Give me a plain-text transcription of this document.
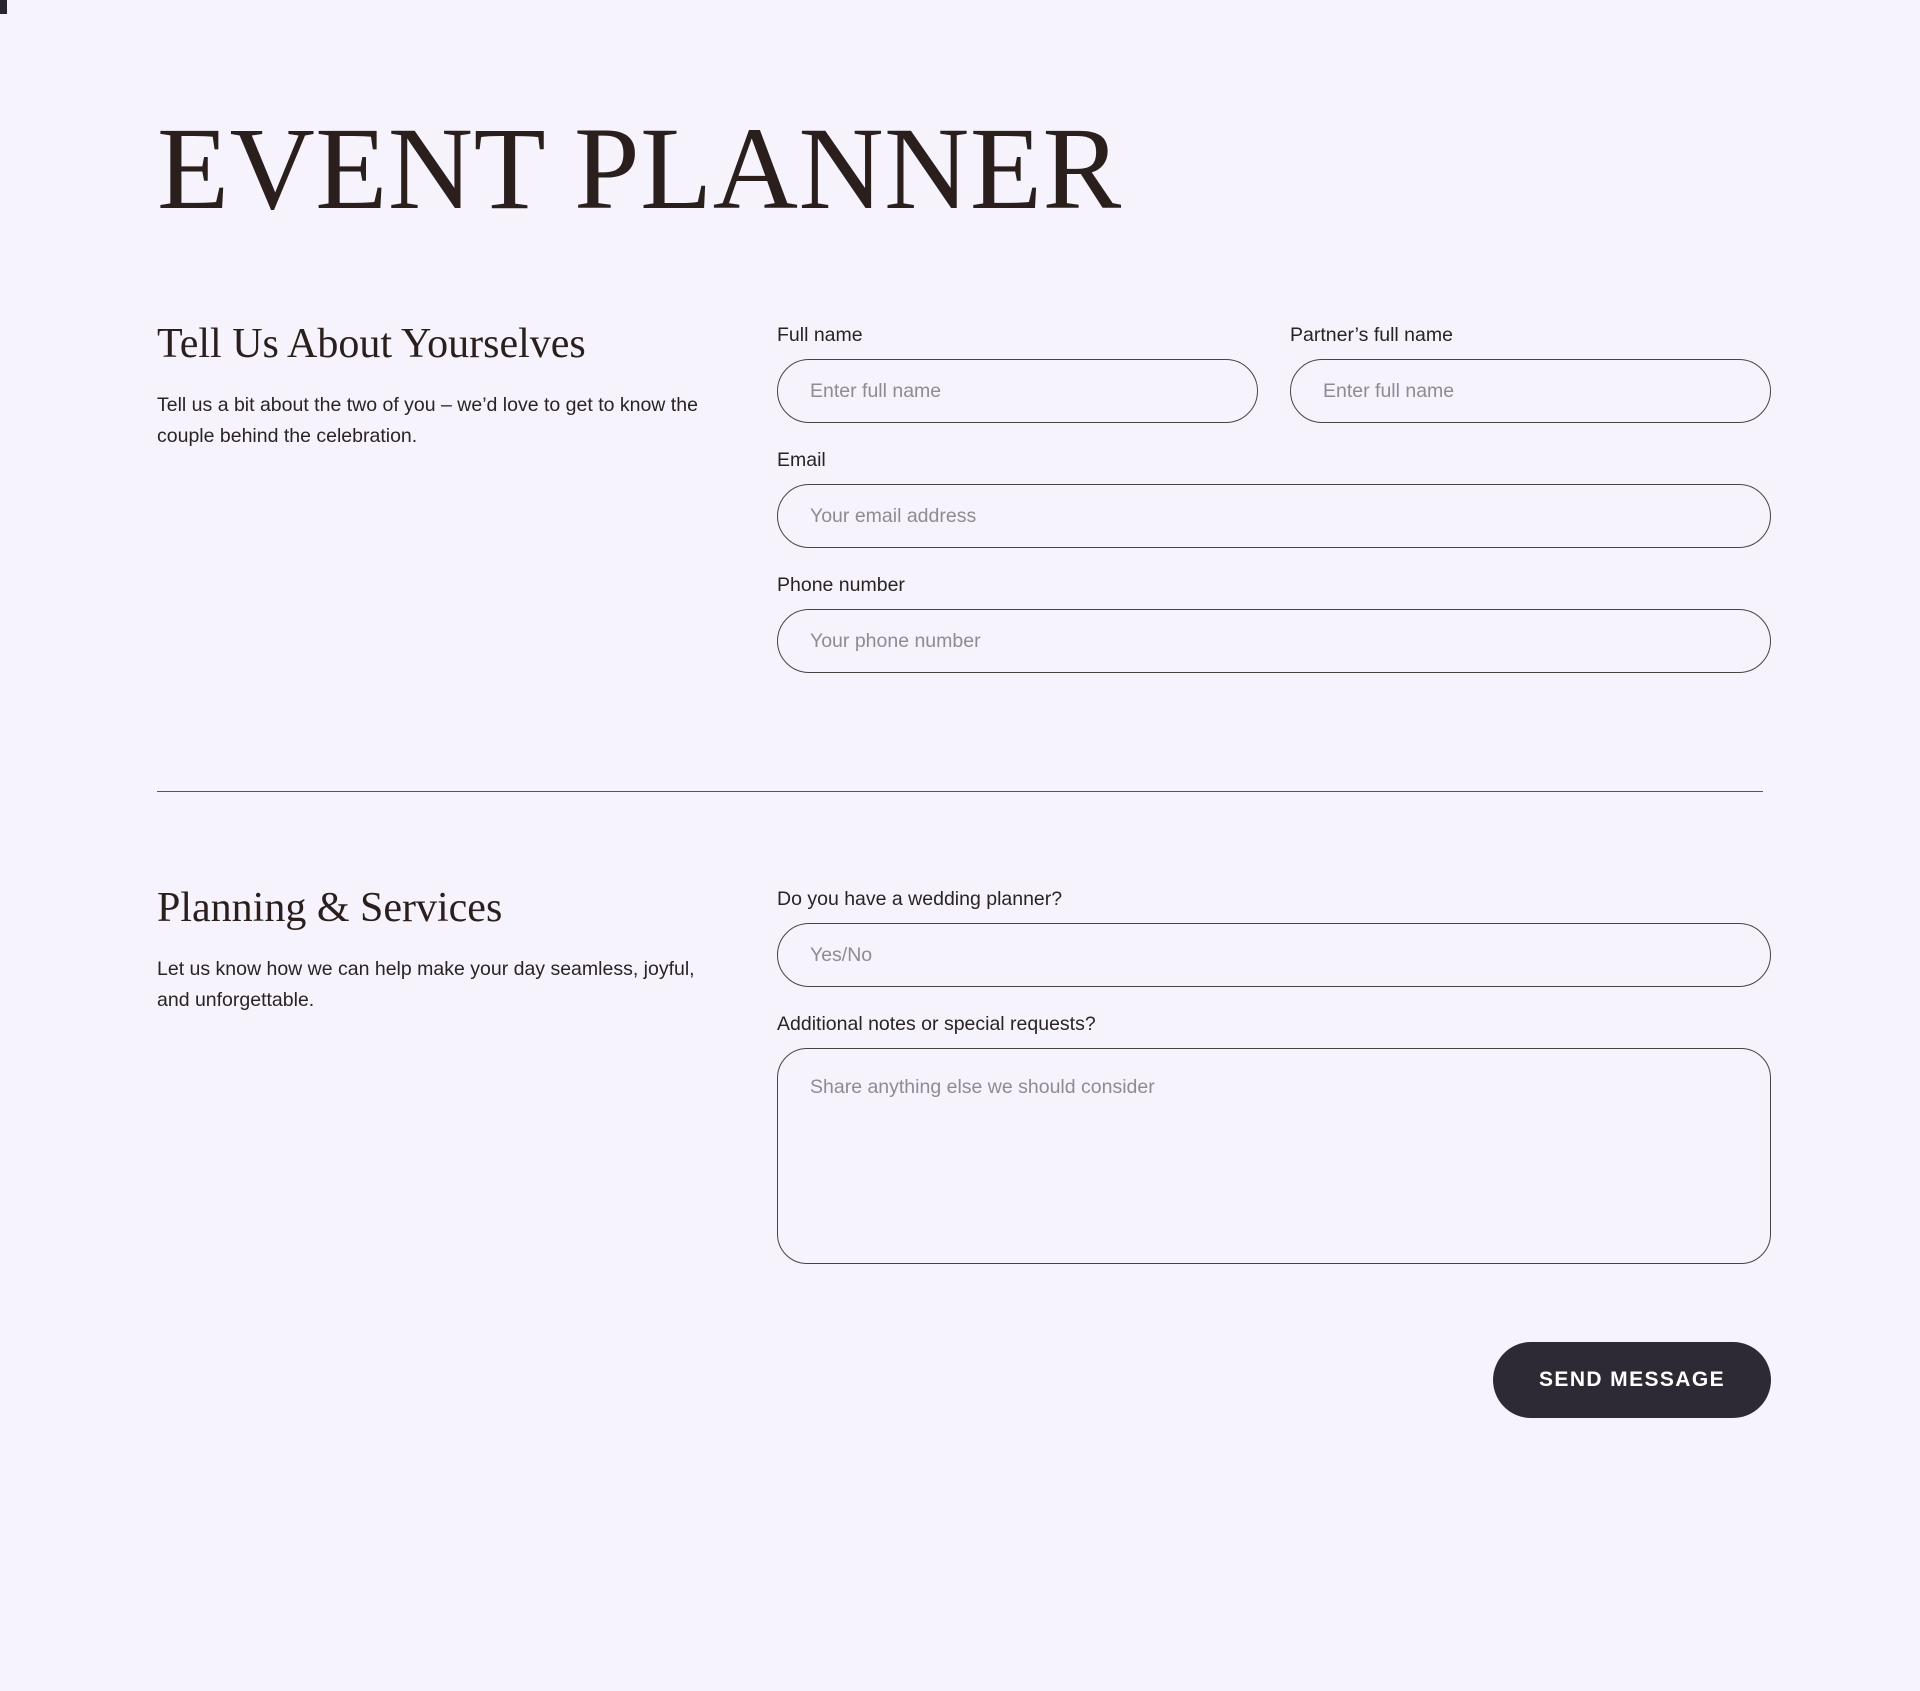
EVENT PLANNER
Tell Us About Yourselves

Tell us a bit about the two of you – we’d love to get to know the couple behind the celebration.

Full name
Enter full name	Partner’s full name
Enter full name
Email
Your email address
Phone number
Your phone number
Planning & Services

Let us know how we can help make your day seamless, joyful, and unforgettable.

Do you have a wedding planner?
Yes/No
Additional notes or special requests?
Share anything else we should consider
SEND MESSAGE
